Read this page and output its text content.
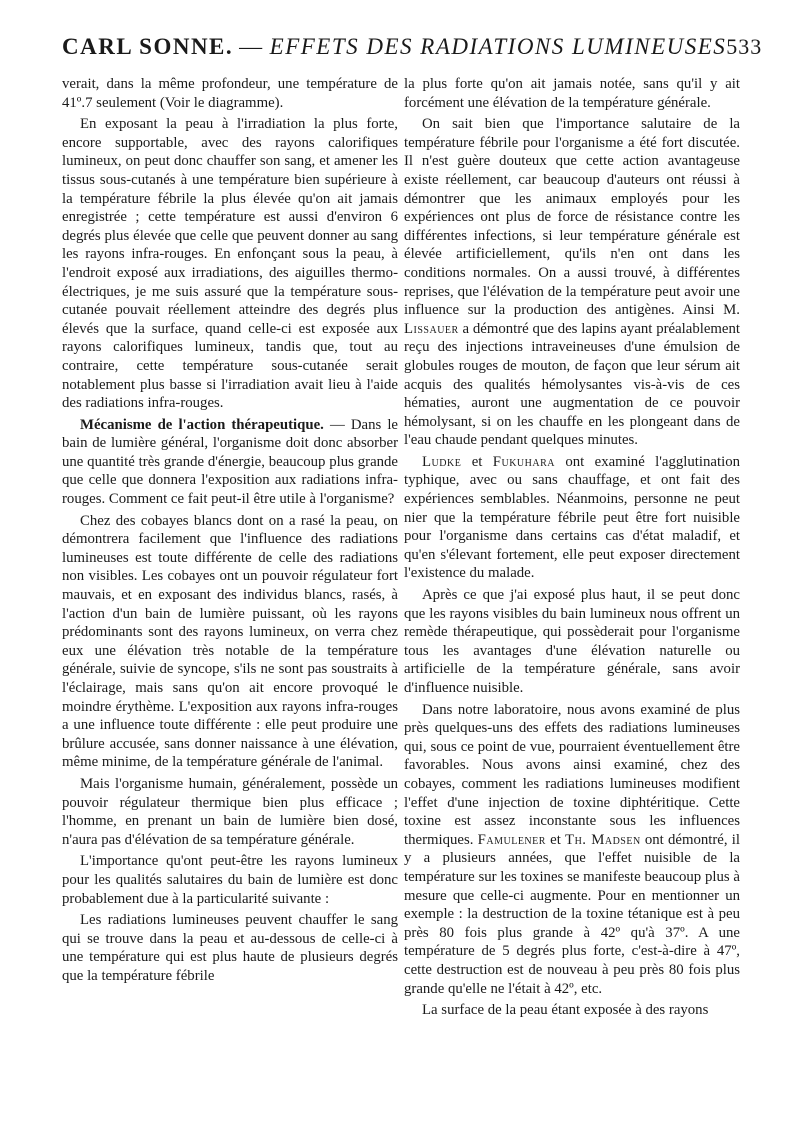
CARL SONNE. — EFFETS DES RADIATIONS LUMINEUSES 533

verait, dans la même profondeur, une température de 41º.7 seulement (Voir le diagramme).

En exposant la peau à l'irradiation la plus forte, encore supportable, avec des rayons calorifiques lumineux, on peut donc chauffer son sang, et amener les tissus sous-cutanés à une température bien supérieure à la température fébrile la plus élevée qu'on ait jamais enregistrée ; cette température est aussi d'environ 6 degrés plus élevée que celle que peuvent donner au sang les rayons infra-rouges. En enfonçant sous la peau, à l'endroit exposé aux irradiations, des aiguilles thermo-électriques, je me suis assuré que la température sous-cutanée pouvait réellement atteindre des degrés plus élevés que la surface, quand celle-ci est exposée aux rayons calorifiques lumineux, tandis que, tout au contraire, cette température sous-cutanée serait notablement plus basse si l'irradiation avait lieu à l'aide des radiations infra-rouges.

Mécanisme de l'action thérapeutique. — Dans le bain de lumière général, l'organisme doit donc absorber une quantité très grande d'énergie, beaucoup plus grande que celle que donnera l'exposition aux radiations infra-rouges. Comment ce fait peut-il être utile à l'organisme?

Chez des cobayes blancs dont on a rasé la peau, on démontrera facilement que l'influence des radiations lumineuses est toute différente de celle des radiations non visibles. Les cobayes ont un pouvoir régulateur fort mauvais, et en exposant des individus blancs, rasés, à l'action d'un bain de lumière puissant, où les rayons prédominants sont des rayons lumineux, on verra chez eux une élévation très notable de la température générale, suivie de syncope, s'ils ne sont pas soustraits à l'éclairage, mais sans qu'on ait encore provoqué le moindre érythème. L'exposition aux rayons infra-rouges a une influence toute différente : elle peut produire une brûlure accusée, sans donner naissance à une élévation, même minime, de la température générale de l'animal.

Mais l'organisme humain, généralement, possède un pouvoir régulateur thermique bien plus efficace ; l'homme, en prenant un bain de lumière bien dosé, n'aura pas d'élévation de sa température générale.

L'importance qu'ont peut-être les rayons lumineux pour les qualités salutaires du bain de lumière est donc probablement due à la particularité suivante :

Les radiations lumineuses peuvent chauffer le sang qui se trouve dans la peau et au-dessous de celle-ci à une température qui est plus haute de plusieurs degrés que la température fébrile

la plus forte qu'on ait jamais notée, sans qu'il y ait forcément une élévation de la température générale.

On sait bien que l'importance salutaire de la température fébrile pour l'organisme a été fort discutée. Il n'est guère douteux que cette action avantageuse existe réellement, car beaucoup d'auteurs ont réussi à démontrer que les animaux employés pour les expériences ont plus de force de résistance contre les différentes infections, si leur température générale est élevée artificiellement, qu'ils n'en ont dans les conditions normales. On a aussi trouvé, à différentes reprises, que l'élévation de la température peut avoir une influence sur la production des antigènes. Ainsi M. Lissauer a démontré que des lapins ayant préalablement reçu des injections intraveineuses d'une émulsion de globules rouges de mouton, de façon que leur sérum ait acquis des qualités hémolysantes vis-à-vis de ces hématies, auront une augmentation de ce pouvoir hémolysant, si on les chauffe en les plongeant dans de l'eau chaude pendant quelques minutes.

Ludke et Fukuhara ont examiné l'agglutination typhique, avec ou sans chauffage, et ont fait des expériences semblables. Néanmoins, personne ne peut nier que la température fébrile peut être fort nuisible pour l'organisme dans certains cas d'état maladif, et qu'en s'élevant fortement, elle peut exposer directement l'existence du malade.

Après ce que j'ai exposé plus haut, il se peut donc que les rayons visibles du bain lumineux nous offrent un remède thérapeutique, qui possèderait pour l'organisme tous les avantages d'une élévation naturelle ou artificielle de la température générale, sans avoir d'influence nuisible.

Dans notre laboratoire, nous avons examiné de plus près quelques-uns des effets des radiations lumineuses qui, sous ce point de vue, pourraient éventuellement être favorables. Nous avons ainsi examiné, chez des cobayes, comment les radiations lumineuses modifient l'effet d'une injection de toxine diphtéritique. Cette toxine est assez inconstante sous les influences thermiques. Famulener et Th. Madsen ont démontré, il y a plusieurs années, que l'effet nuisible de la température sur les toxines se manifeste beaucoup plus à mesure que celle-ci augmente. Pour en mentionner un exemple : la destruction de la toxine tétanique est à peu près 80 fois plus grande à 42º qu'à 37º. A une température de 5 degrés plus forte, c'est-à-dire à 47º, cette destruction est de nouveau à peu près 80 fois plus grande qu'elle ne l'était à 42º, etc.

La surface de la peau étant exposée à des rayons
